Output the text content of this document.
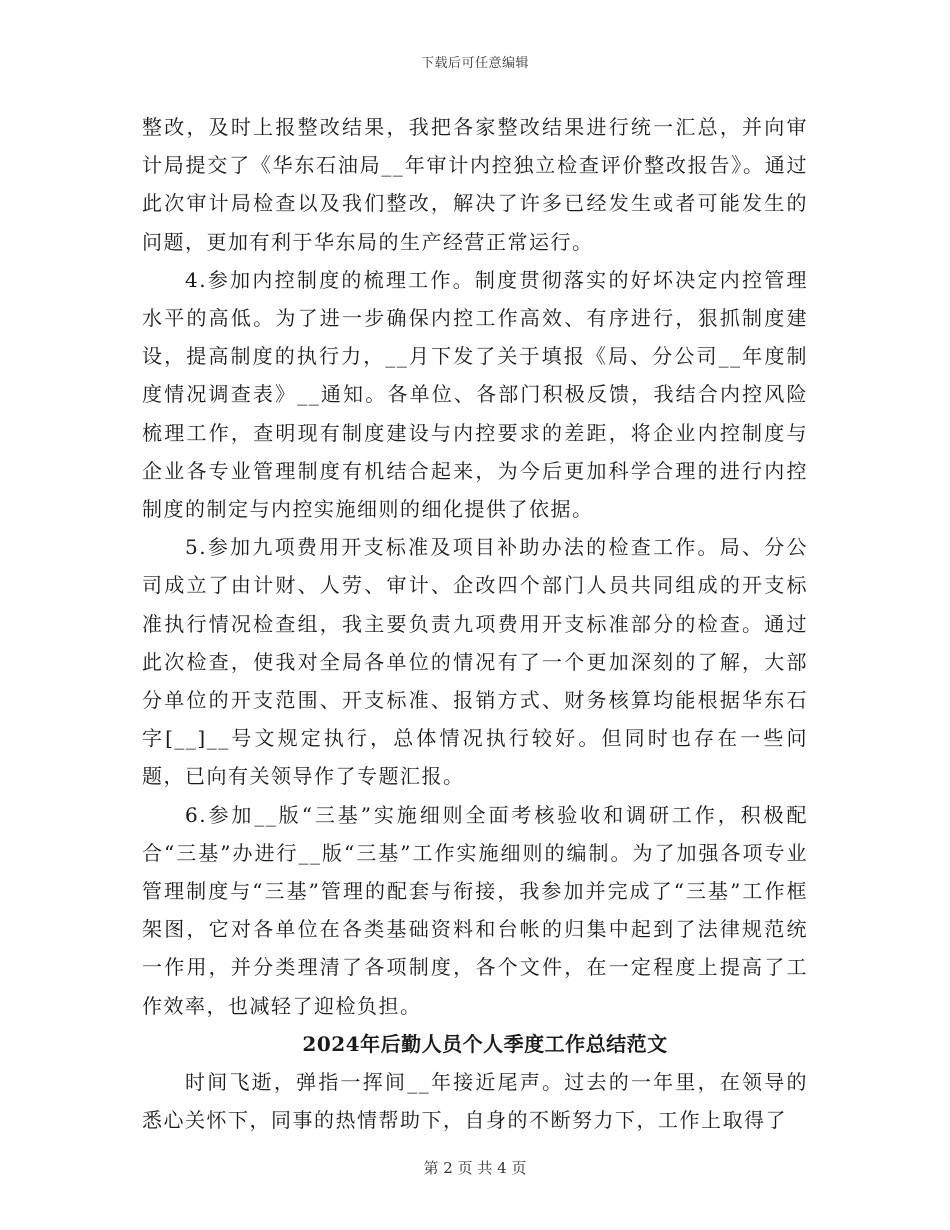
下载后可任意编辑

整改，及时上报整改结果，我把各家整改结果进行统一汇总，并向审计局提交了《华东石油局__年审计内控独立检查评价整改报告》。通过此次审计局检查以及我们整改，解决了许多已经发生或者可能发生的问题，更加有利于华东局的生产经营正常运行。

4.参加内控制度的梳理工作。制度贯彻落实的好坏决定内控管理水平的高低。为了进一步确保内控工作高效、有序进行，狠抓制度建设，提高制度的执行力，__月下发了关于填报《局、分公司__年度制度情况调查表》__通知。各单位、各部门积极反馈，我结合内控风险梳理工作，查明现有制度建设与内控要求的差距，将企业内控制度与企业各专业管理制度有机结合起来，为今后更加科学合理的进行内控制度的制定与内控实施细则的细化提供了依据。

5.参加九项费用开支标准及项目补助办法的检查工作。局、分公司成立了由计财、人劳、审计、企改四个部门人员共同组成的开支标准执行情况检查组，我主要负责九项费用开支标准部分的检查。通过此次检查，使我对全局各单位的情况有了一个更加深刻的了解，大部分单位的开支范围、开支标准、报销方式、财务核算均能根据华东石字[__]__号文规定执行，总体情况执行较好。但同时也存在一些问题，已向有关领导作了专题汇报。

6.参加__版“三基”实施细则全面考核验收和调研工作，积极配合“三基”办进行__版“三基”工作实施细则的编制。为了加强各项专业管理制度与“三基”管理的配套与衔接，我参加并完成了“三基”工作框架图，它对各单位在各类基础资料和台帐的归集中起到了法律规范统一作用，并分类理清了各项制度，各个文件，在一定程度上提高了工作效率，也减轻了迎检负担。

2024年后勤人员个人季度工作总结范文

时间飞逝，弹指一挥间__年接近尾声。过去的一年里，在领导的悉心关怀下，同事的热情帮助下，自身的不断努力下，工作上取得了

第 2 页 共 4 页
